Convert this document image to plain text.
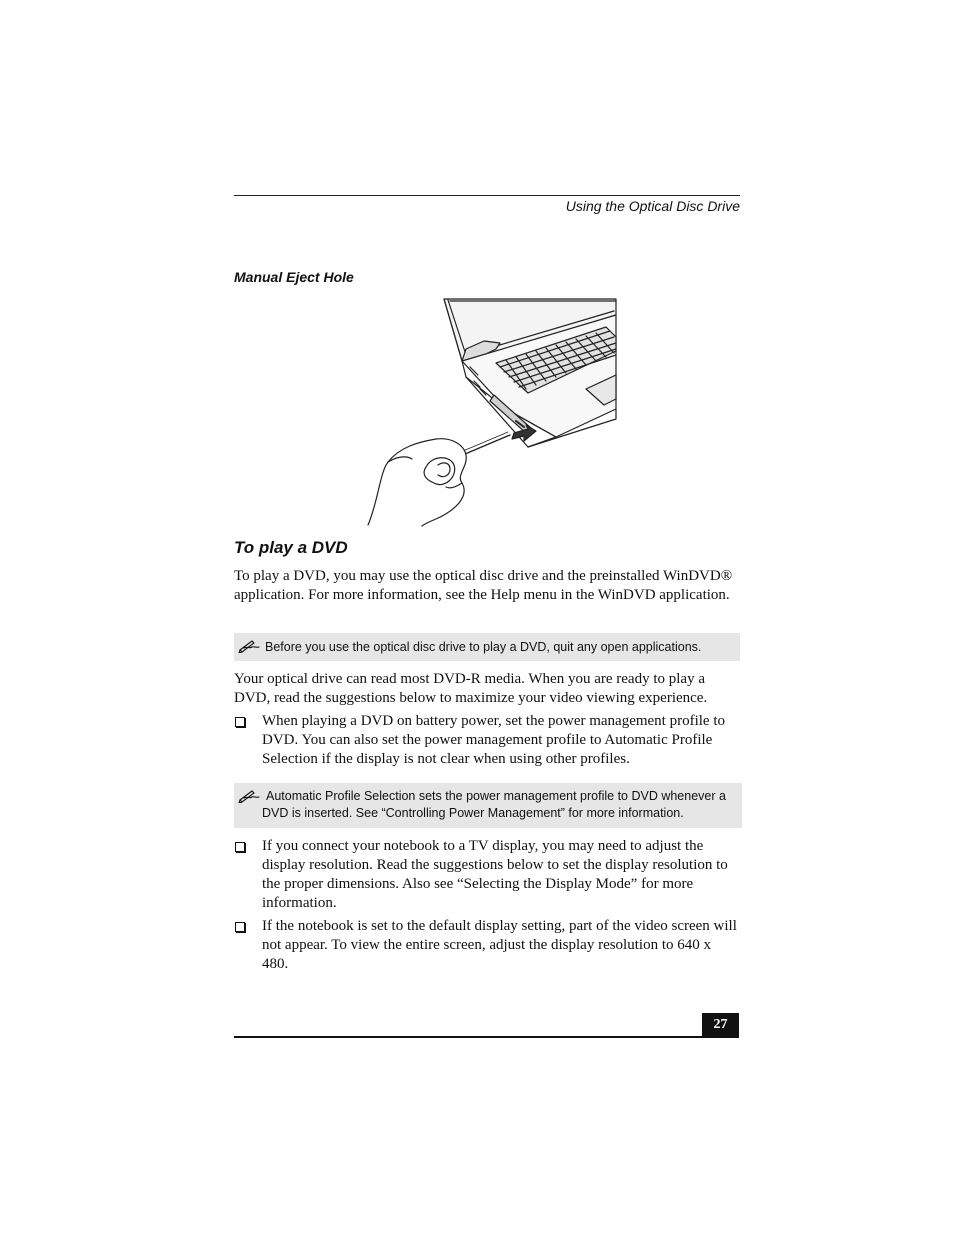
Using the Optical Disc Drive
Manual Eject Hole
To play a DVD
To play a DVD, you may use the optical disc drive and the preinstalled WinDVD® application. For more information, see the Help menu in the WinDVD application.
Before you use the optical disc drive to play a DVD, quit any open applications.
Your optical drive can read most DVD-R media. When you are ready to play a DVD, read the suggestions below to maximize your video viewing experience.
When playing a DVD on battery power, set the power management profile to DVD. You can also set the power management profile to Automatic Profile Selection if the display is not clear when using other profiles.
Automatic Profile Selection sets the power management profile to DVD whenever a DVD is inserted. See “Controlling Power Management” for more information.
If you connect your notebook to a TV display, you may need to adjust the display resolution. Read the suggestions below to set the display resolution to the proper dimensions. Also see “Selecting the Display Mode” for more information.
If the notebook is set to the default display setting, part of the video screen will not appear. To view the entire screen, adjust the display resolution to 640 x 480.
27
